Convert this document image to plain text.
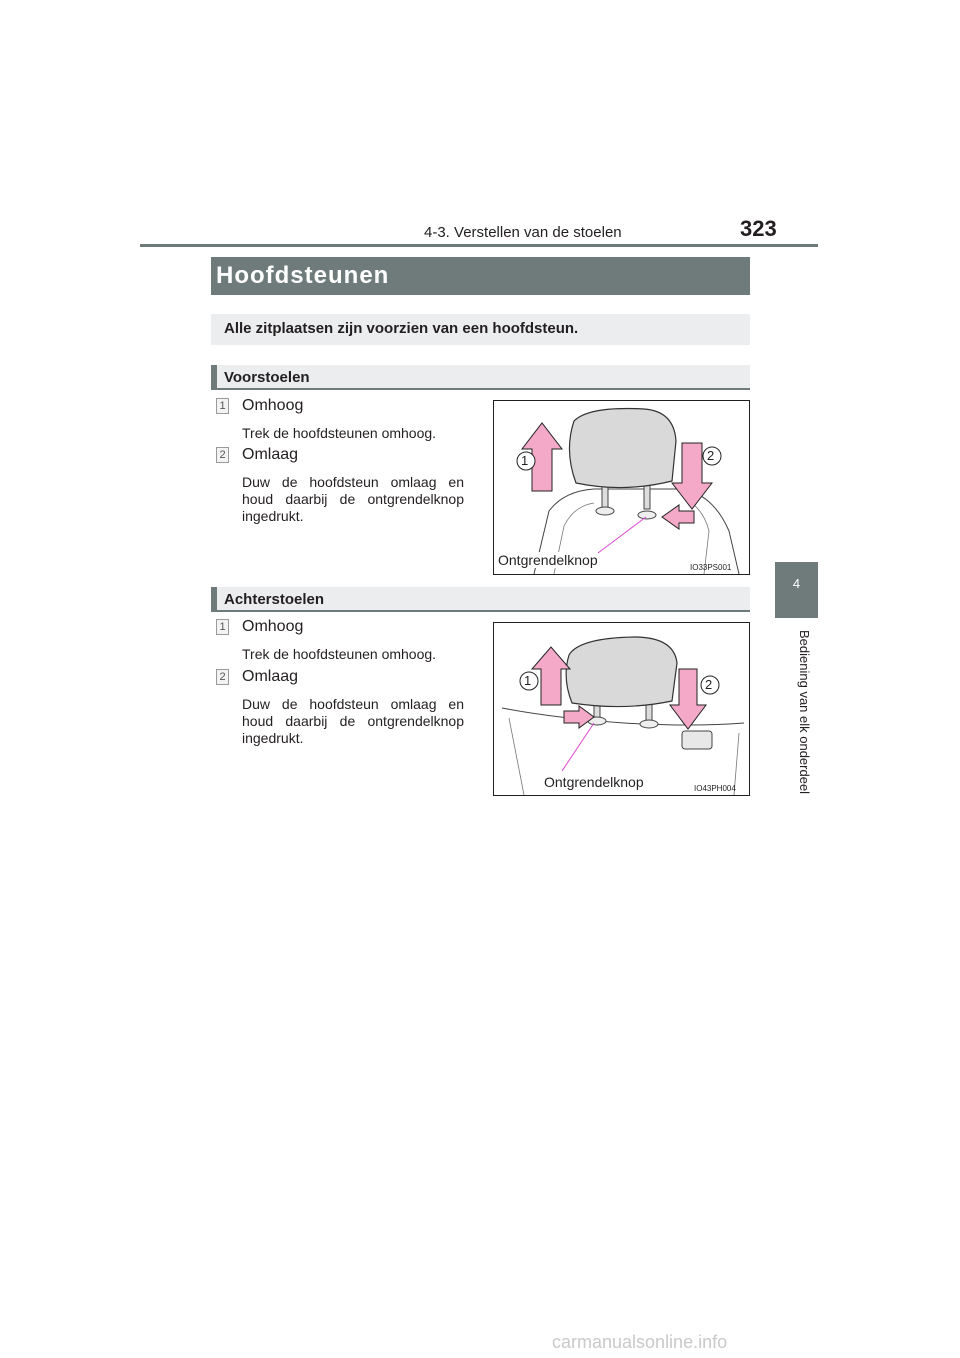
4-3. Verstellen van de stoelen	323
4
Bediening van elk onderdeel
Hoofdsteunen
Alle zitplaatsen zijn voorzien van een hoofdsteun.
Voorstoelen
1 Omhoog
Trek de hoofdsteunen omhoog.
2 Omlaag
Duw de hoofdsteun omlaag en houd daarbij de ontgrendelknop ingedrukt.
1	2
Ontgrendelknop	IO33PS001
Achterstoelen
1 Omhoog
Trek de hoofdsteunen omhoog.
2 Omlaag
Duw de hoofdsteun omlaag en houd daarbij de ontgrendelknop ingedrukt.
1	2
Ontgrendelknop	IO43PH004
carmanualsonline.info
